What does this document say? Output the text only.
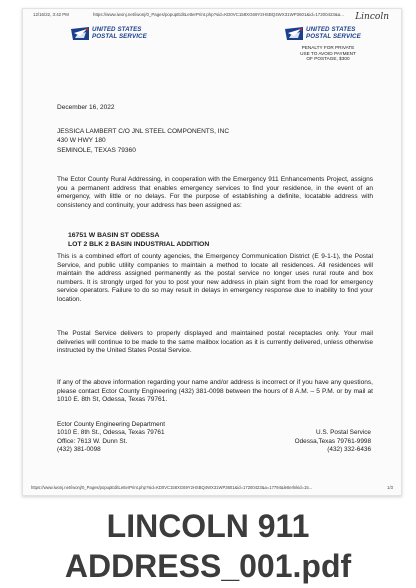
12/16/22, 3:42 PM	https://www.iwonj.net/iwonj/0_Pages/popupEditLetterPrint.php?sid=KD0VC158XG69Y2HSBQ4WX31WP3601&id=17200423&a... Lincoln
UNITED STATES
POSTAL SERVICE
UNITED STATES
POSTAL SERVICE
PENALTY FOR PRIVATE
USE TO AVOID PAYMENT
OF POSTAGE, $300
December 16, 2022
JESSICA LAMBERT C/O JNL STEEL COMPONENTS, INC
430 W HWY 180
SEMINOLE, TEXAS 79360
The Ector County Rural Addressing, in cooperation with the Emergency 911 Enhancements Project, assigns you a permanent address that enables emergency services to find your residence, in the event of an emergency, with little or no delays. For the purpose of establishing a definite, locatable address with consistency and continuity, your address has been assigned as:
16751 W BASIN ST ODESSA
LOT 2 BLK 2 BASIN INDUSTRIAL ADDITION
This is a combined effort of county agencies, the Emergency Communication District (E 9-1-1), the Postal Service, and public utility companies to maintain a method to locate all residences. All residences will maintain the address assigned permanently as the postal service no longer uses rural route and box numbers. It is strongly urged for you to post your new address in plain sight from the road for emergency service operators. Failure to do so may result in delays in emergency response due to inability to find your location.
The Postal Service delivers to properly displayed and maintained postal receptacles only. Your mail deliveries will continue to be made to the same mailbox location as it is currently delivered, unless otherwise instructed by the United States Postal Service.
If any of the above information regarding your name and/or address is incorrect or if you have any questions, please contact Ector County Engineering (432) 381-0098 between the hours of 8 A.M. – 5 P.M. or by mail at 1010 E. 8th St, Odessa, Texas 79761.
Ector County Engineering Department
1010 E. 8th St., Odessa, Texas 79761
Office: 7613 W. Dunn St.
(432) 381-0098
U.S. Postal Service
Odessa,Texas 79761-9998
(432) 332-6436
https://www.iwonj.net/iwonj/0_Pages/popupEditLetterPrint.php?sid=KD0VC158XG69Y2HSBQ4WX31WP3601&id=17200423&a=17794&letterlnkid=15...	1/3
LINCOLN 911
ADDRESS_001.pdf
